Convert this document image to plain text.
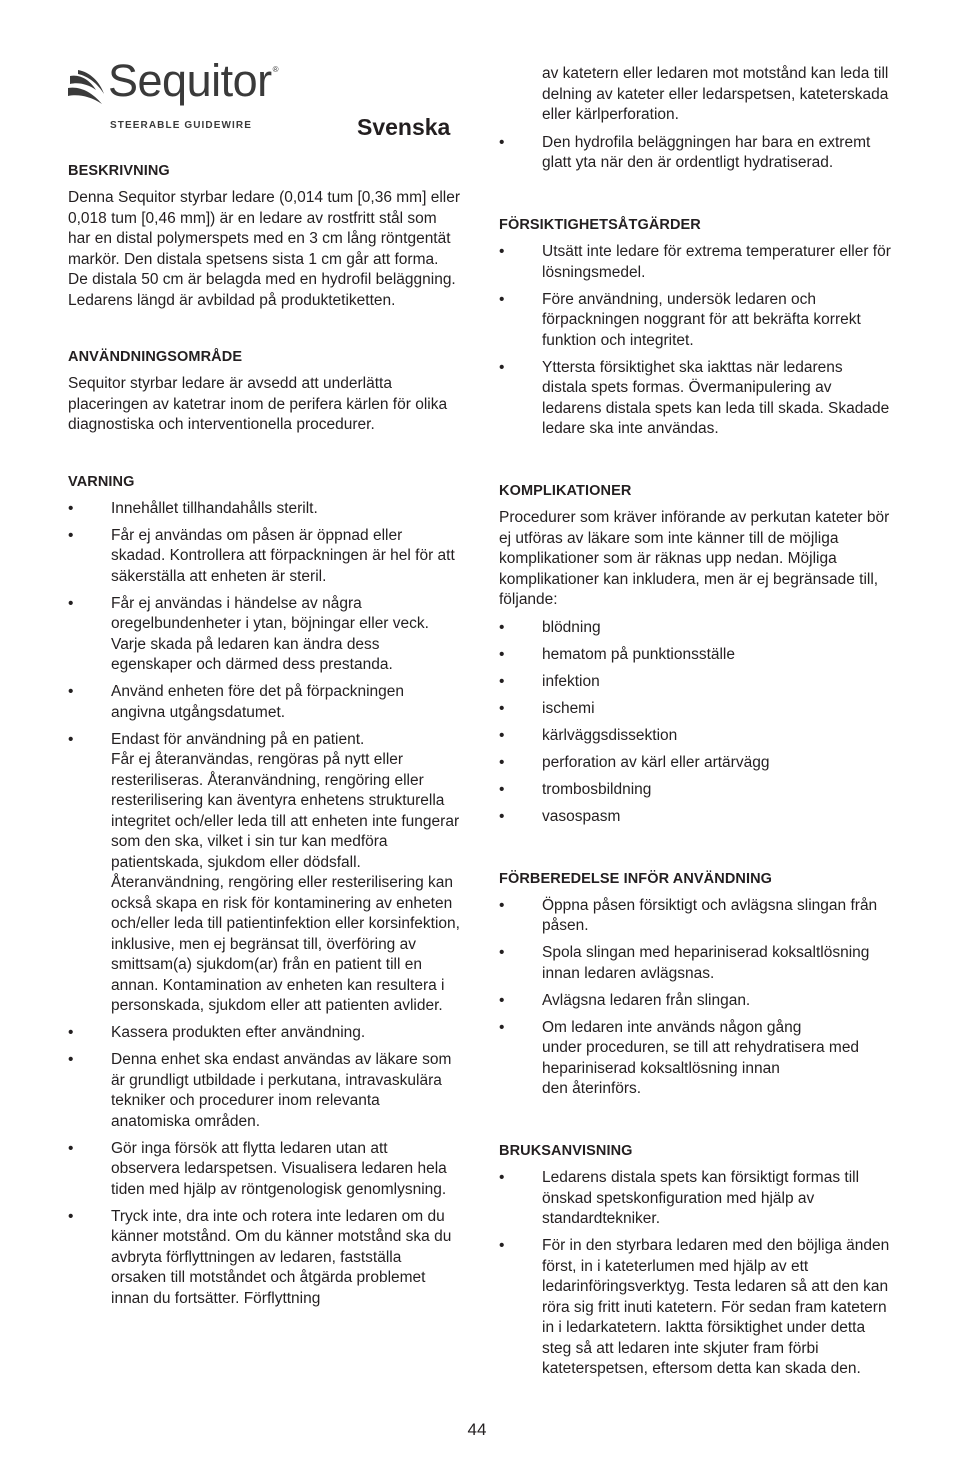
Sequitor®
STEERABLE GUIDEWIRE	Svenska
BESKRIVNING

Denna Sequitor styrbar ledare (0,014 tum [0,36 mm] eller 0,018 tum [0,46 mm]) är en ledare av rostfritt stål som har en distal polymerspets med en 3 cm lång röntgentät markör. Den distala spetsens sista 1 cm går att forma. De distala 50 cm är belagda med en hydrofil beläggning. Ledarens längd är avbildad på produktetiketten.

ANVÄNDNINGSOMRÅDE

Sequitor styrbar ledare är avsedd att underlätta placeringen av katetrar inom de perifera kärlen för olika diagnostiska och interventionella procedurer.

VARNING
• Innehållet tillhandahålls sterilt.
• Får ej användas om påsen är öppnad eller skadad. Kontrollera att förpackningen är hel för att säkerställa att enheten är steril.
• Får ej användas i händelse av några oregelbundenheter i ytan, böjningar eller veck. Varje skada på ledaren kan ändra dess egenskaper och därmed dess prestanda.
• Använd enheten före det på förpackningen angivna utgångsdatumet.
• Endast för användning på en patient.
Får ej återanvändas, rengöras på nytt eller resteriliseras. Återanvändning, rengöring eller resterilisering kan äventyra enhetens strukturella integritet och/eller leda till att enheten inte fungerar som den ska, vilket i sin tur kan medföra patientskada, sjukdom eller dödsfall. Återanvändning, rengöring eller resterilisering kan också skapa en risk för kontaminering av enheten och/eller leda till patientinfektion eller korsinfektion, inklusive, men ej begränsat till, överföring av smittsam(a) sjukdom(ar) från en patient till en annan. Kontamination av enheten kan resultera i personskada, sjukdom eller att patienten avlider.
• Kassera produkten efter användning.
• Denna enhet ska endast användas av läkare som är grundligt utbildade i perkutana, intravaskulära tekniker och procedurer inom relevanta anatomiska områden.
• Gör inga försök att flytta ledaren utan att observera ledarspetsen. Visualisera ledaren hela tiden med hjälp av röntgenologisk genomlysning.
• Tryck inte, dra inte och rotera inte ledaren om du känner motstånd. Om du känner motstånd ska du avbryta förflyttningen av ledaren, fastställa orsaken till motståndet och åtgärda problemet innan du fortsätter. Förflyttning
av katetern eller ledaren mot motstånd kan leda till delning av kateter eller ledarspetsen, kateterskada eller kärlperforation.
• Den hydrofila beläggningen har bara en extremt glatt yta när den är ordentligt hydratiserad.
FÖRSIKTIGHETSÅTGÄRDER
• Utsätt inte ledare för extrema temperaturer eller för lösningsmedel.
• Före användning, undersök ledaren och förpackningen noggrant för att bekräfta korrekt funktion och integritet.
• Yttersta försiktighet ska iakttas när ledarens distala spets formas. Övermanipulering av ledarens distala spets kan leda till skada. Skadade ledare ska inte användas.
KOMPLIKATIONER

Procedurer som kräver införande av perkutan kateter bör ej utföras av läkare som inte känner till de möjliga komplikationer som är räknas upp nedan. Möjliga komplikationer kan inkludera, men är ej begränsade till, följande:

• blödning
• hematom på punktionsställe
• infektion
• ischemi
• kärlväggsdissektion
• perforation av kärl eller artärvägg
• trombosbildning
• vasospasm
FÖRBEREDELSE INFÖR ANVÄNDNING
• Öppna påsen försiktigt och avlägsna slingan från påsen.
• Spola slingan med hepariniserad koksaltlösning innan ledaren avlägsnas.
• Avlägsna ledaren från slingan.
• Om ledaren inte används någon gång
under proceduren, se till att rehydratisera med hepariniserad koksaltlösning innan
den återinförs.
BRUKSANVISNING
• Ledarens distala spets kan försiktigt formas till önskad spetskonfiguration med hjälp av standardtekniker.
• För in den styrbara ledaren med den böjliga änden först, in i kateterlumen med hjälp av ett ledarinföringsverktyg. Testa ledaren så att den kan röra sig fritt inuti katetern. För sedan fram katetern in i ledarkatetern. Iaktta försiktighet under detta steg så att ledaren inte skjuter fram förbi kateterspetsen, eftersom detta kan skada den.
44
